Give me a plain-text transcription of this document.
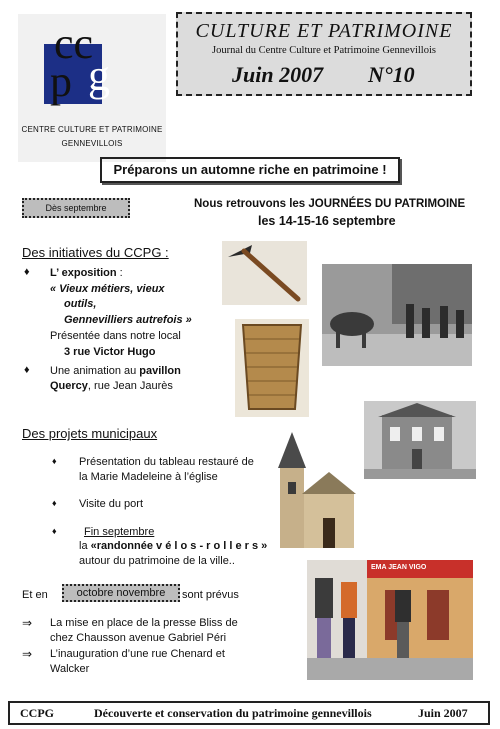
cc
p g
CENTRE CULTURE ET PATRIMOINE
GENNEVILLOIS
CULTURE ET PATRIMOINE
Journal du Centre Culture et Patrimoine Gennevillois
Juin 2007 N°10
Préparons un automne riche en patrimoine !
Dès septembre	Nous retrouvons les JOURNÉES DU PATRIMOINE
les 14-15-16 septembre
Des initiatives du CCPG :
♦ L’ exposition :
« Vieux métiers, vieux
outils,
Gennevilliers autrefois »
Présentée dans notre local
3 rue Victor Hugo
♦ Une animation au pavillon
Quercy, rue Jean Jaurès
Des projets municipaux
♦ Présentation du tableau restauré de
la Marie Madeleine à l’église
♦ Visite du port
♦ Fin septembre
la «randonnée v é l o s - r o l l e r s »
autour du patrimoine de la ville..
Et en	octobre novembre	sont prévus
⇒ La mise en place de la presse Bliss de
chez Chausson avenue Gabriel Péri
⇒ L’inauguration d’une rue Chenard et
Walcker
EMA JEAN VIGO
CCPG	Découverte et conservation du patrimoine gennevillois	Juin 2007
